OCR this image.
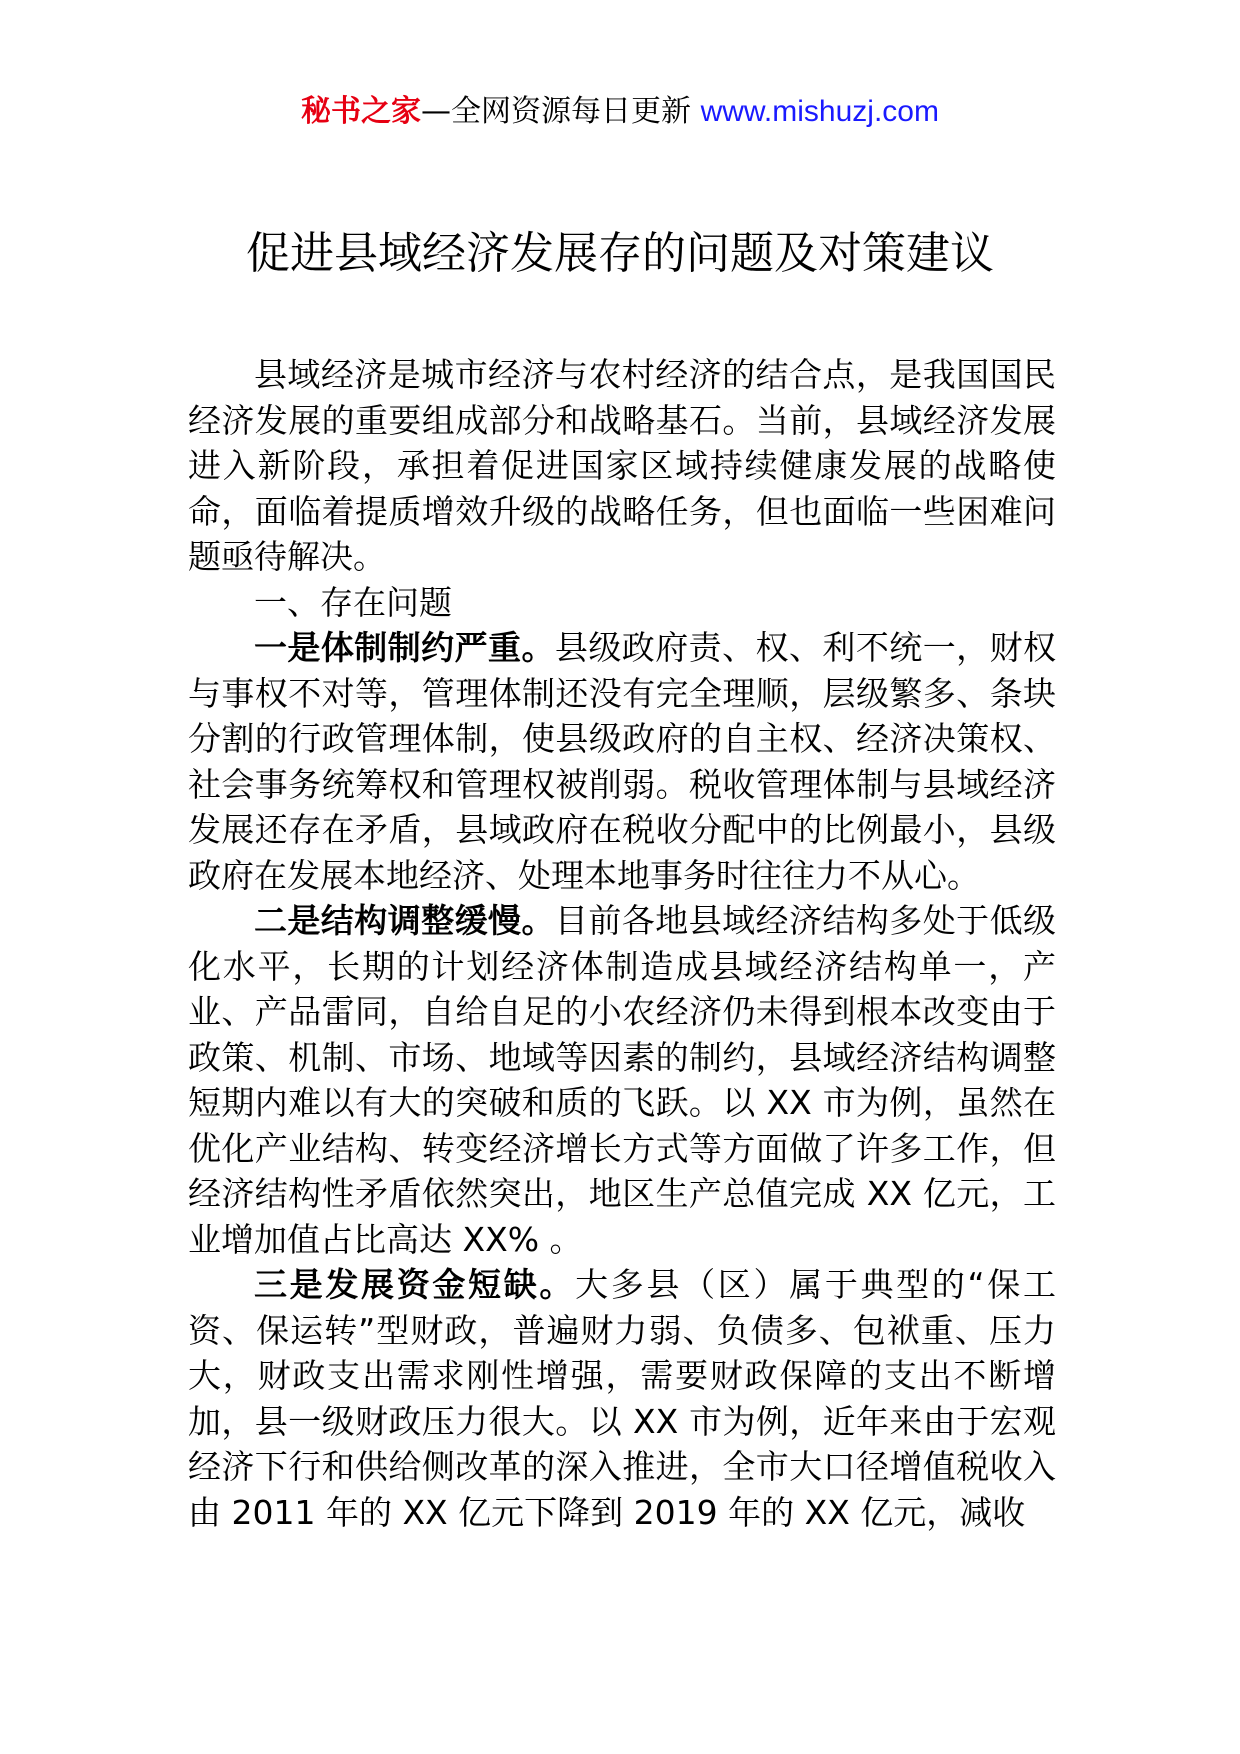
秘书之家—全网资源每日更新 www.mishuzj.com
促进县域经济发展存的问题及对策建议

县域经济是城市经济与农村经济的结合点，是我国国民经济发展的重要组成部分和战略基石。当前，县域经济发展进入新阶段，承担着促进国家区域持续健康发展的战略使命，面临着提质增效升级的战略任务，但也面临一些困难问题亟待解决。

一、存在问题

一是体制制约严重。县级政府责、权、利不统一，财权与事权不对等，管理体制还没有完全理顺，层级繁多、条块分割的行政管理体制，使县级政府的自主权、经济决策权、社会事务统筹权和管理权被削弱。税收管理体制与县域经济发展还存在矛盾，县域政府在税收分配中的比例最小，县级政府在发展本地经济、处理本地事务时往往力不从心。

二是结构调整缓慢。目前各地县域经济结构多处于低级化水平，长期的计划经济体制造成县域经济结构单一，产业、产品雷同，自给自足的小农经济仍未得到根本改变由于政策、机制、市场、地域等因素的制约，县域经济结构调整短期内难以有大的突破和质的飞跃。以 XX 市为例，虽然在优化产业结构、转变经济增长方式等方面做了许多工作，但经济结构性矛盾依然突出，地区生产总值完成 XX 亿元，工业增加值占比高达 XX% 。

三是发展资金短缺。大多县（区）属于典型的“保工资、保运转”型财政，普遍财力弱、负债多、包袱重、压力大，财政支出需求刚性增强，需要财政保障的支出不断增加，县一级财政压力很大。以 XX 市为例，近年来由于宏观经济下行和供给侧改革的深入推进，全市大口径增值税收入由 2011 年的 XX 亿元下降到 2019 年的 XX 亿元，减收
